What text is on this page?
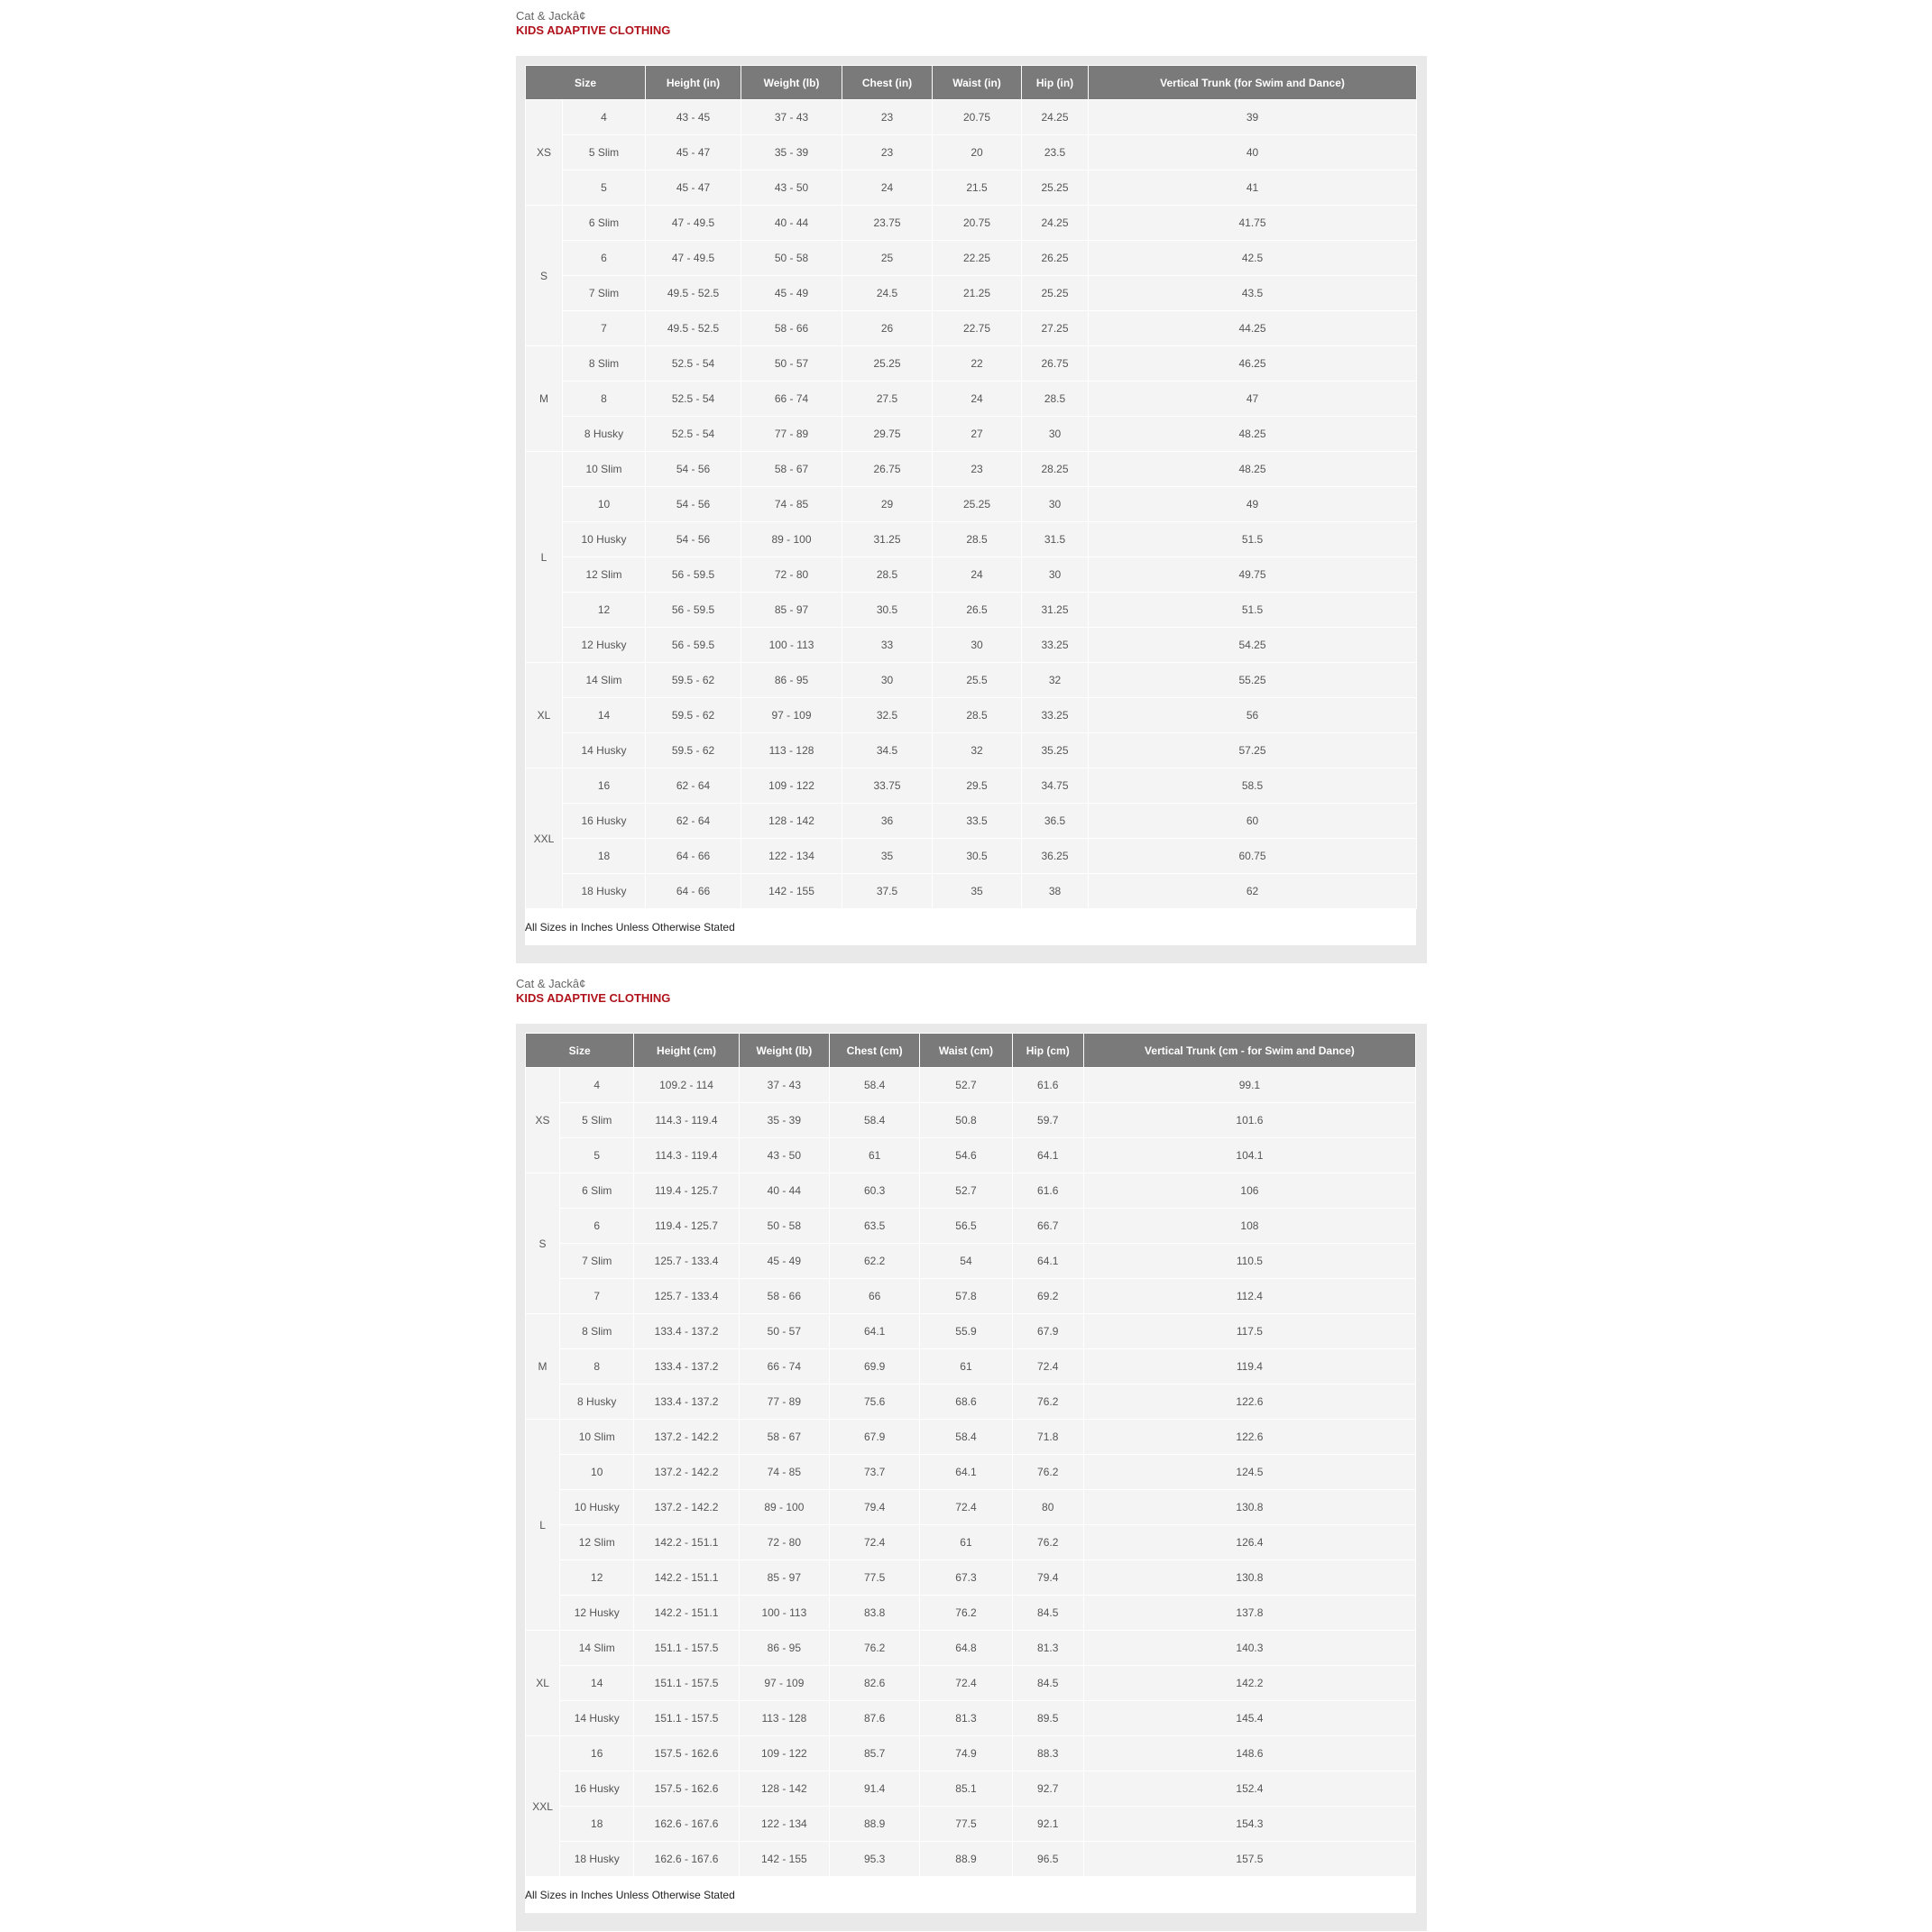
Cat & Jackâ¢
KIDS ADAPTIVE CLOTHING
Size		Height (in)	Weight (lb)	Chest (in)	Waist (in)	Hip (in)	Vertical Trunk (for Swim and Dance)
XS	4	43 - 45	37 - 43	23	20.75	24.25	39
	5 Slim	45 - 47	35 - 39	23	20	23.5	40
	5	45 - 47	43 - 50	24	21.5	25.25	41
S	6 Slim	47 - 49.5	40 - 44	23.75	20.75	24.25	41.75
	6	47 - 49.5	50 - 58	25	22.25	26.25	42.5
	7 Slim	49.5 - 52.5	45 - 49	24.5	21.25	25.25	43.5
	7	49.5 - 52.5	58 - 66	26	22.75	27.25	44.25
M	8 Slim	52.5 - 54	50 - 57	25.25	22	26.75	46.25
	8	52.5 - 54	66 - 74	27.5	24	28.5	47
	8 Husky	52.5 - 54	77 - 89	29.75	27	30	48.25
L	10 Slim	54 - 56	58 - 67	26.75	23	28.25	48.25
	10	54 - 56	74 - 85	29	25.25	30	49
	10 Husky	54 - 56	89 - 100	31.25	28.5	31.5	51.5
	12 Slim	56 - 59.5	72 - 80	28.5	24	30	49.75
	12	56 - 59.5	85 - 97	30.5	26.5	31.25	51.5
	12 Husky	56 - 59.5	100 - 113	33	30	33.25	54.25
XL	14 Slim	59.5 - 62	86 - 95	30	25.5	32	55.25
	14	59.5 - 62	97 - 109	32.5	28.5	33.25	56
	14 Husky	59.5 - 62	113 - 128	34.5	32	35.25	57.25
XXL	16	62 - 64	109 - 122	33.75	29.5	34.75	58.5
	16 Husky	62 - 64	128 - 142	36	33.5	36.5	60
	18	64 - 66	122 - 134	35	30.5	36.25	60.75
	18 Husky	64 - 66	142 - 155	37.5	35	38	62
All Sizes in Inches Unless Otherwise Stated
Cat & Jackâ¢
KIDS ADAPTIVE CLOTHING
Size		Height (cm)	Weight (lb)	Chest (cm)	Waist (cm)	Hip (cm)	Vertical Trunk (cm - for Swim and Dance)
XS	4	109.2 - 114	37 - 43	58.4	52.7	61.6	99.1
	5 Slim	114.3 - 119.4	35 - 39	58.4	50.8	59.7	101.6
	5	114.3 - 119.4	43 - 50	61	54.6	64.1	104.1
S	6 Slim	119.4 - 125.7	40 - 44	60.3	52.7	61.6	106
	6	119.4 - 125.7	50 - 58	63.5	56.5	66.7	108
	7 Slim	125.7 - 133.4	45 - 49	62.2	54	64.1	110.5
	7	125.7 - 133.4	58 - 66	66	57.8	69.2	112.4
M	8 Slim	133.4 - 137.2	50 - 57	64.1	55.9	67.9	117.5
	8	133.4 - 137.2	66 - 74	69.9	61	72.4	119.4
	8 Husky	133.4 - 137.2	77 - 89	75.6	68.6	76.2	122.6
L	10 Slim	137.2 - 142.2	58 - 67	67.9	58.4	71.8	122.6
	10	137.2 - 142.2	74 - 85	73.7	64.1	76.2	124.5
	10 Husky	137.2 - 142.2	89 - 100	79.4	72.4	80	130.8
	12 Slim	142.2 - 151.1	72 - 80	72.4	61	76.2	126.4
	12	142.2 - 151.1	85 - 97	77.5	67.3	79.4	130.8
	12 Husky	142.2 - 151.1	100 - 113	83.8	76.2	84.5	137.8
XL	14 Slim	151.1 - 157.5	86 - 95	76.2	64.8	81.3	140.3
	14	151.1 - 157.5	97 - 109	82.6	72.4	84.5	142.2
	14 Husky	151.1 - 157.5	113 - 128	87.6	81.3	89.5	145.4
XXL	16	157.5 - 162.6	109 - 122	85.7	74.9	88.3	148.6
	16 Husky	157.5 - 162.6	128 - 142	91.4	85.1	92.7	152.4
	18	162.6 - 167.6	122 - 134	88.9	77.5	92.1	154.3
	18 Husky	162.6 - 167.6	142 - 155	95.3	88.9	96.5	157.5
All Sizes in Inches Unless Otherwise Stated
